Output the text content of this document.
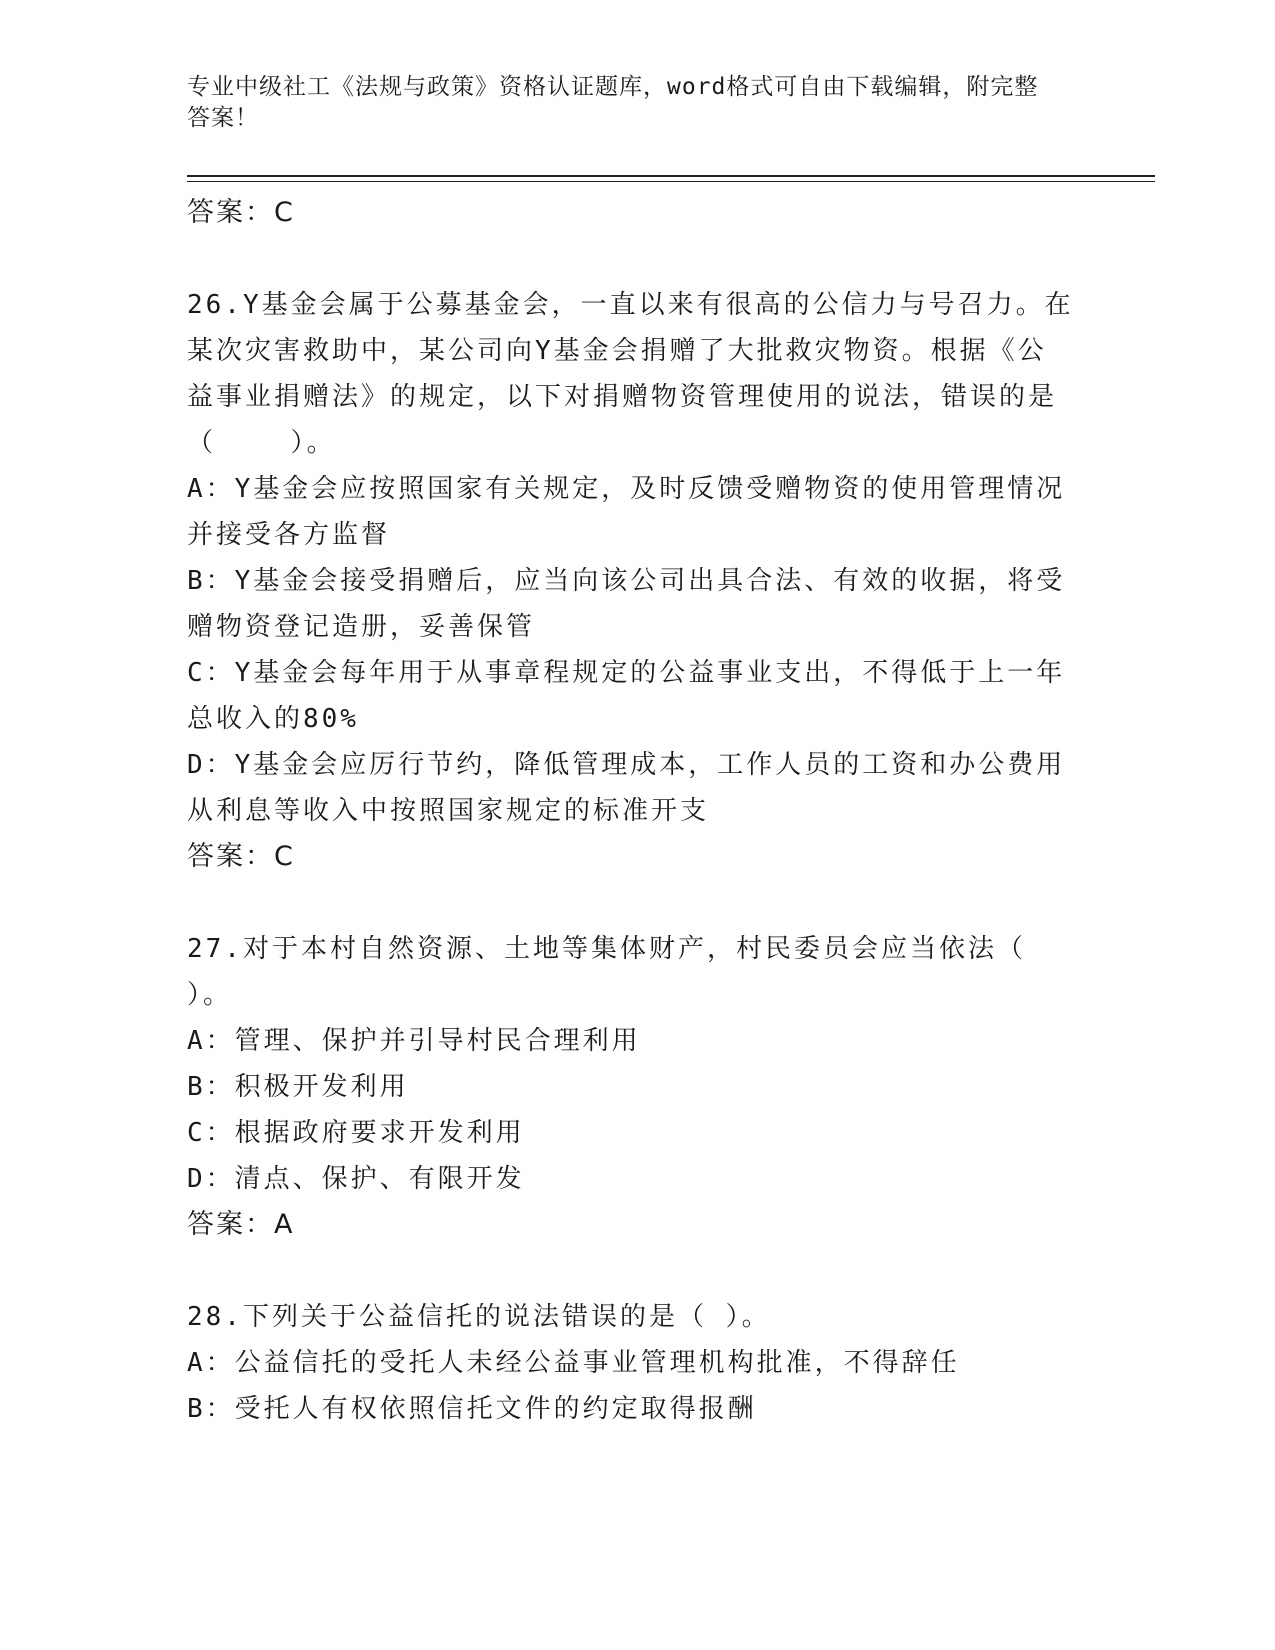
专业中级社工《法规与政策》资格认证题库，word格式可自由下载编辑，附完整
答案！
答案：C
26.Y基金会属于公募基金会，一直以来有很高的公信力与号召力。在
某次灾害救助中，某公司向Y基金会捐赠了大批救灾物资。根据《公
益事业捐赠法》的规定，以下对捐赠物资管理使用的说法，错误的是
（    ）。
A：Y基金会应按照国家有关规定，及时反馈受赠物资的使用管理情况
并接受各方监督
B：Y基金会接受捐赠后，应当向该公司出具合法、有效的收据，将受
赠物资登记造册，妥善保管
C：Y基金会每年用于从事章程规定的公益事业支出，不得低于上一年
总收入的80%
D：Y基金会应厉行节约，降低管理成本，工作人员的工资和办公费用
从利息等收入中按照国家规定的标准开支
答案：C
27.对于本村自然资源、土地等集体财产，村民委员会应当依法（
）。
A：管理、保护并引导村民合理利用
B：积极开发利用
C：根据政府要求开发利用
D：清点、保护、有限开发
答案：A
28.下列关于公益信托的说法错误的是（ ）。
A：公益信托的受托人未经公益事业管理机构批准，不得辞任
B：受托人有权依照信托文件的约定取得报酬
